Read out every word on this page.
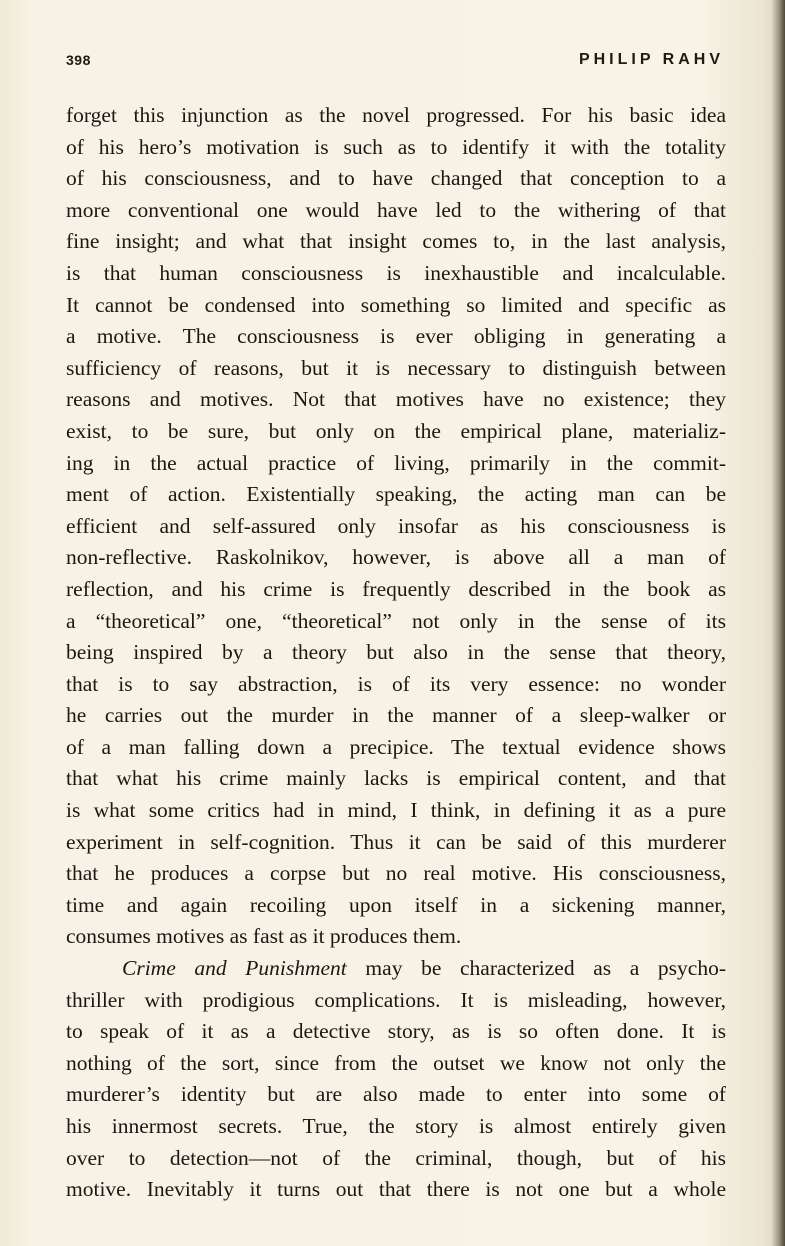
398	PHILIP RAHV
forget this injunction as the novel progressed. For his basic idea
of his hero’s motivation is such as to identify it with the totality
of his consciousness, and to have changed that conception to a
more conventional one would have led to the withering of that
fine insight; and what that insight comes to, in the last analysis,
is that human consciousness is inexhaustible and incalculable.
It cannot be condensed into something so limited and specific as
a motive. The consciousness is ever obliging in generating a
sufficiency of reasons, but it is necessary to distinguish between
reasons and motives. Not that motives have no existence; they
exist, to be sure, but only on the empirical plane, materializ-
ing in the actual practice of living, primarily in the commit-
ment of action. Existentially speaking, the acting man can be
efficient and self-assured only insofar as his consciousness is
non-reflective. Raskolnikov, however, is above all a man of
reflection, and his crime is frequently described in the book as
a “theoretical” one, “theoretical” not only in the sense of its
being inspired by a theory but also in the sense that theory,
that is to say abstraction, is of its very essence: no wonder
he carries out the murder in the manner of a sleep-walker or
of a man falling down a precipice. The textual evidence shows
that what his crime mainly lacks is empirical content, and that
is what some critics had in mind, I think, in defining it as a pure
experiment in self-cognition. Thus it can be said of this murderer
that he produces a corpse but no real motive. His consciousness,
time and again recoiling upon itself in a sickening manner,
consumes motives as fast as it produces them.
Crime and Punishment may be characterized as a psycho-
thriller with prodigious complications. It is misleading, however,
to speak of it as a detective story, as is so often done. It is
nothing of the sort, since from the outset we know not only the
murderer’s identity but are also made to enter into some of
his innermost secrets. True, the story is almost entirely given
over to detection—not of the criminal, though, but of his
motive. Inevitably it turns out that there is not one but a whole
